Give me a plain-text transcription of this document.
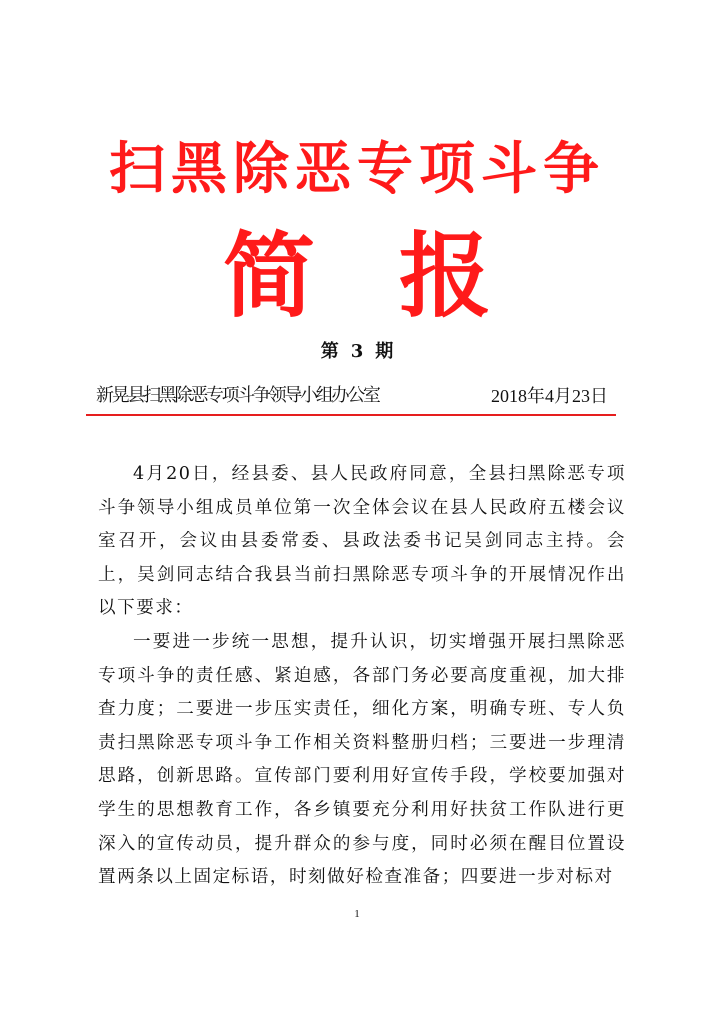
扫黑除恶专项斗争
简 报
第 3 期
新晃县扫黑除恶专项斗争领导小组办公室	2018年4月23日

4月20日，经县委、县人民政府同意，全县扫黑除恶专项斗争领导小组成员单位第一次全体会议在县人民政府五楼会议室召开，会议由县委常委、县政法委书记吴剑同志主持。会上，吴剑同志结合我县当前扫黑除恶专项斗争的开展情况作出以下要求：

一要进一步统一思想，提升认识，切实增强开展扫黑除恶专项斗争的责任感、紧迫感，各部门务必要高度重视，加大排查力度；二要进一步压实责任，细化方案，明确专班、专人负责扫黑除恶专项斗争工作相关资料整册归档；三要进一步理清思路，创新思路。宣传部门要利用好宣传手段，学校要加强对学生的思想教育工作，各乡镇要充分利用好扶贫工作队进行更深入的宣传动员，提升群众的参与度，同时必须在醒目位置设置两条以上固定标语，时刻做好检查准备；四要进一步对标对

1
